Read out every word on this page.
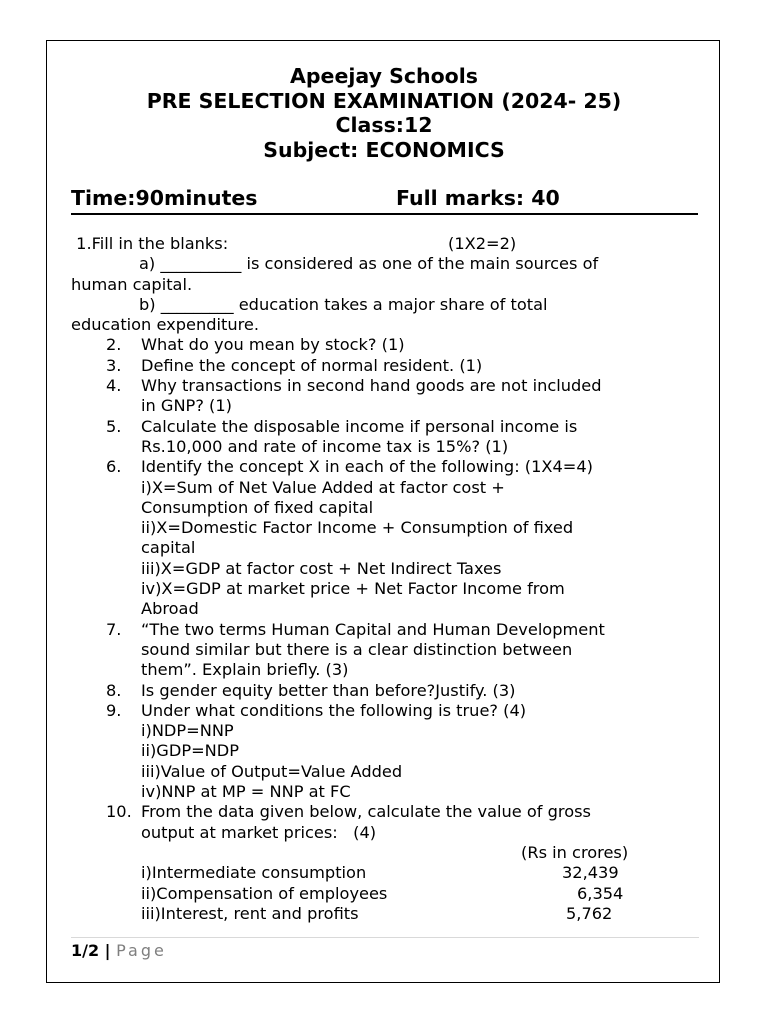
Apeejay Schools
PRE SELECTION EXAMINATION (2024- 25)
Class:12
Subject: ECONOMICS
Time:90minutes	Full marks: 40
1.Fill in the blanks:	(1X2=2)
a) __________ is considered as one of the main sources of
human capital.
b) _________ education takes a major share of total
education expenditure.
2.	What do you mean by stock? (1)
3.	Define the concept of normal resident. (1)
4.	Why transactions in second hand goods are not included
in GNP? (1)
5.	Calculate the disposable income if personal income is
Rs.10,000 and rate of income tax is 15%? (1)
6.	Identify the concept X in each of the following: (1X4=4)
i)X=Sum of Net Value Added at factor cost +
Consumption of fixed capital
ii)X=Domestic Factor Income + Consumption of fixed
capital
iii)X=GDP at factor cost + Net Indirect Taxes
iv)X=GDP at market price + Net Factor Income from
Abroad
7.	“The two terms Human Capital and Human Development
sound similar but there is a clear distinction between
them”. Explain briefly. (3)
8.	Is gender equity better than before?Justify. (3)
9.	Under what conditions the following is true? (4)
i)NDP=NNP
ii)GDP=NDP
iii)Value of Output=Value Added
iv)NNP at MP = NNP at FC
10. From the data given below, calculate the value of gross
output at market prices:   (4)
(Rs in crores)
i)Intermediate consumption	32,439
ii)Compensation of employees	6,354
iii)Interest, rent and profits	5,762
1/2 | Page
